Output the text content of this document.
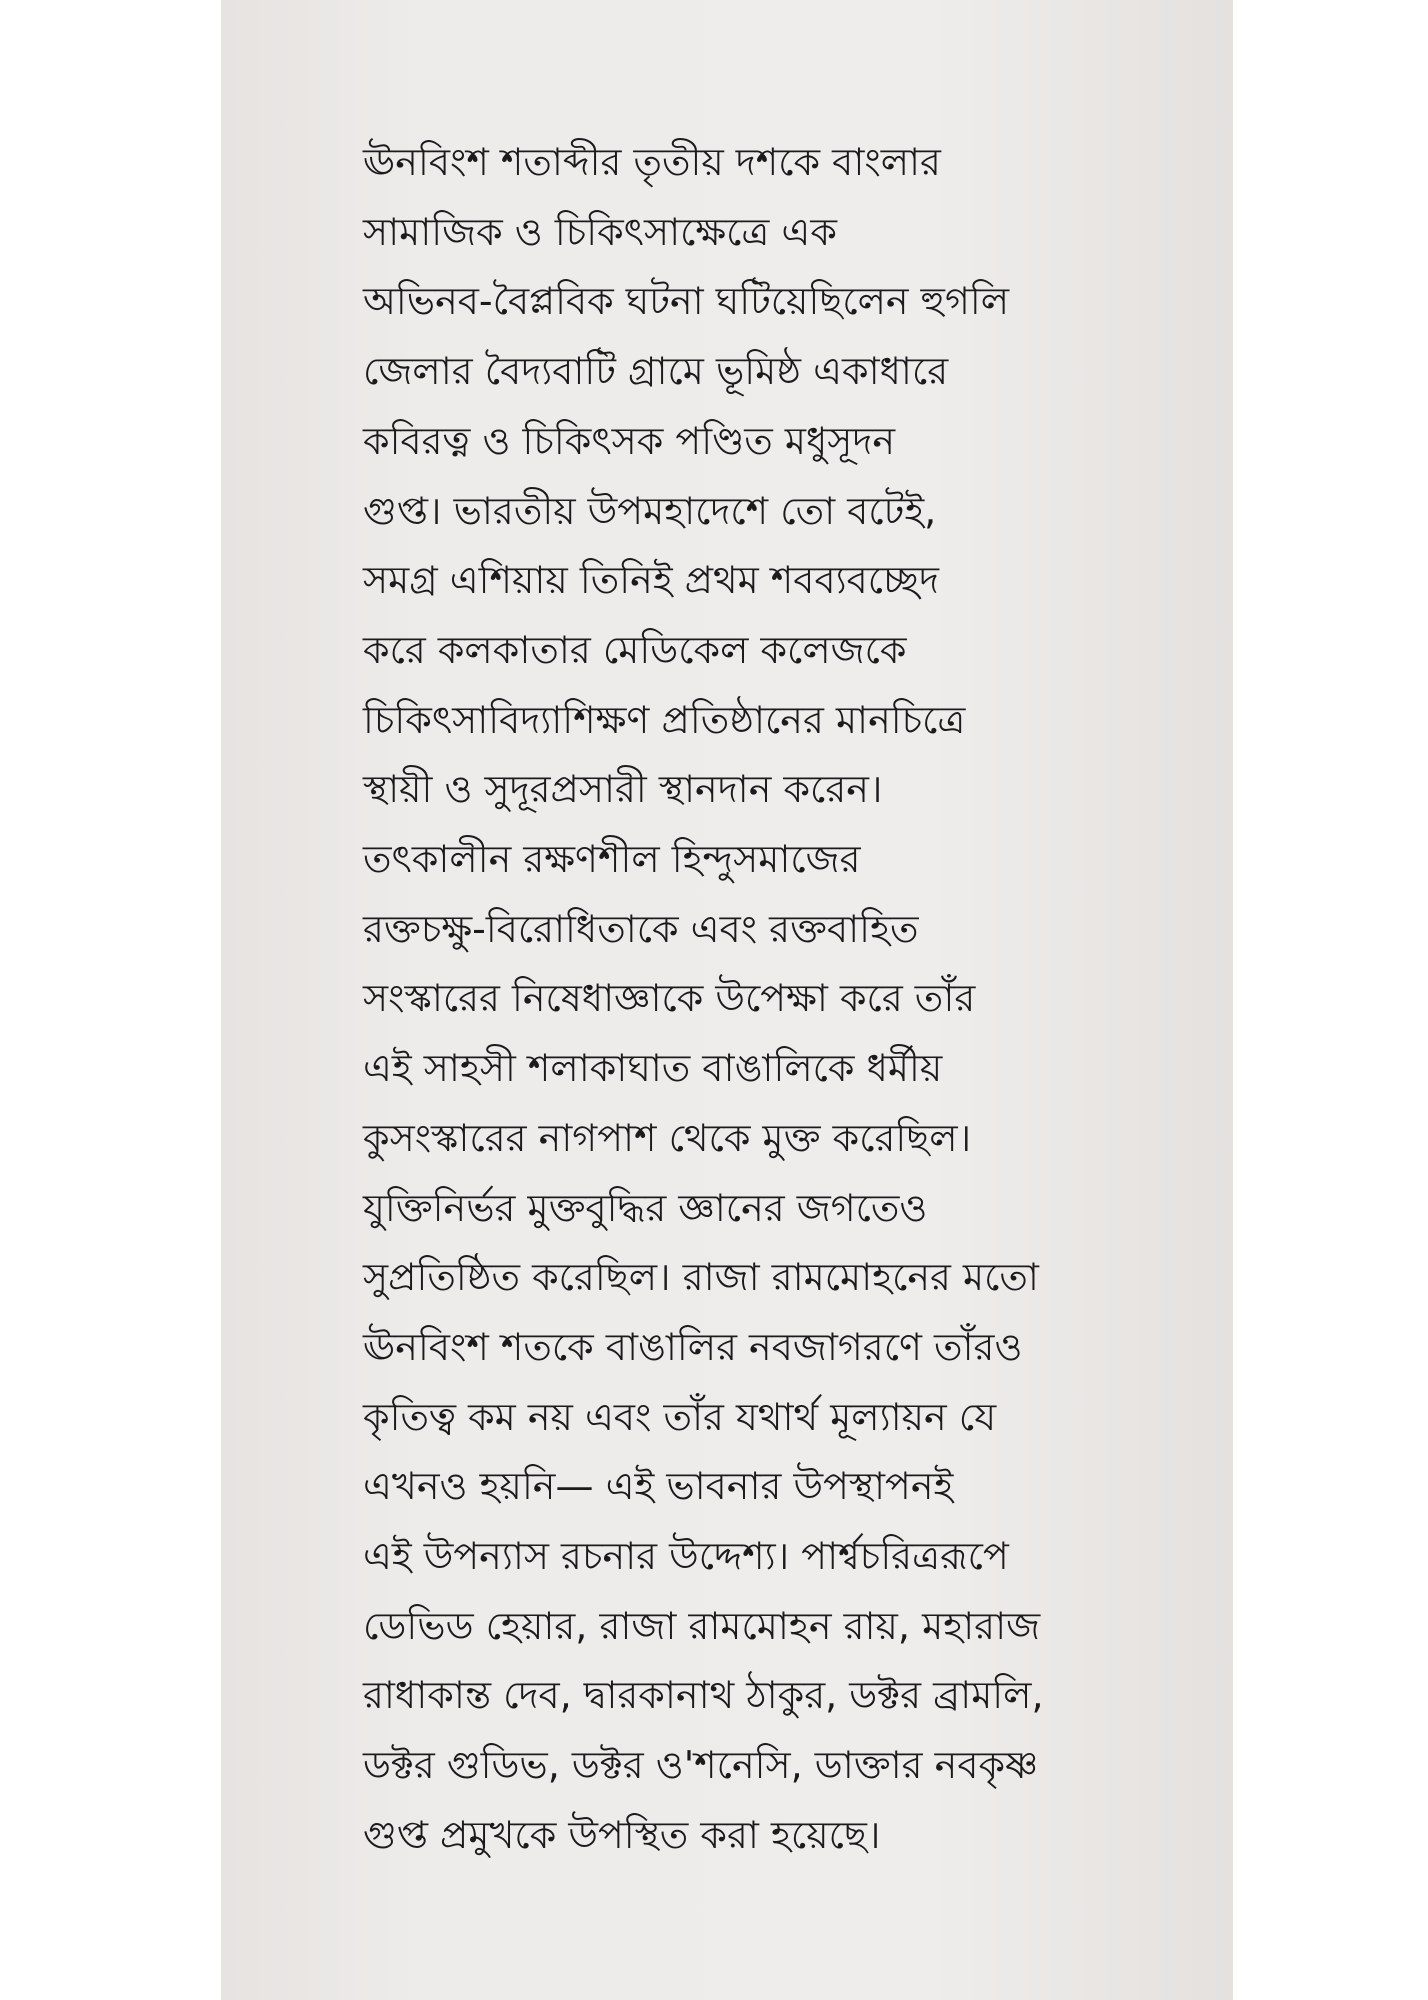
ঊনবিংশ শতাব্দীর তৃতীয় দশকে বাংলার
সামাজিক ও চিকিৎসাক্ষেত্রে এক
অভিনব-বৈপ্লবিক ঘটনা ঘটিয়েছিলেন হুগলি
জেলার বৈদ্যবাটি গ্রামে ভূমিষ্ঠ একাধারে
কবিরত্ন ও চিকিৎসক পণ্ডিত মধুসূদন
গুপ্ত। ভারতীয় উপমহাদেশে তো বটেই,
সমগ্র এশিয়ায় তিনিই প্রথম শবব্যবচ্ছেদ
করে কলকাতার মেডিকেল কলেজকে
চিকিৎসাবিদ্যাশিক্ষণ প্রতিষ্ঠানের মানচিত্রে
স্থায়ী ও সুদূরপ্রসারী স্থানদান করেন।
তৎকালীন রক্ষণশীল হিন্দুসমাজের
রক্তচক্ষু-বিরোধিতাকে এবং রক্তবাহিত
সংস্কারের নিষেধাজ্ঞাকে উপেক্ষা করে তাঁর
এই সাহসী শলাকাঘাত বাঙালিকে ধর্মীয়
কুসংস্কারের নাগপাশ থেকে মুক্ত করেছিল।
যুক্তিনির্ভর মুক্তবুদ্ধির জ্ঞানের জগতেও
সুপ্রতিষ্ঠিত করেছিল। রাজা রামমোহনের মতো
ঊনবিংশ শতকে বাঙালির নবজাগরণে তাঁরও
কৃতিত্ব কম নয় এবং তাঁর যথার্থ মূল্যায়ন যে
এখনও হয়নি— এই ভাবনার উপস্থাপনই
এই উপন্যাস রচনার উদ্দেশ্য। পার্শ্বচরিত্ররূপে
ডেভিড হেয়ার, রাজা রামমোহন রায়, মহারাজ
রাধাকান্ত দেব, দ্বারকানাথ ঠাকুর, ডক্টর ব্রামলি,
ডক্টর গুডিভ, ডক্টর ও'শনেসি, ডাক্তার নবকৃষ্ণ
গুপ্ত প্রমুখকে উপস্থিত করা হয়েছে।
